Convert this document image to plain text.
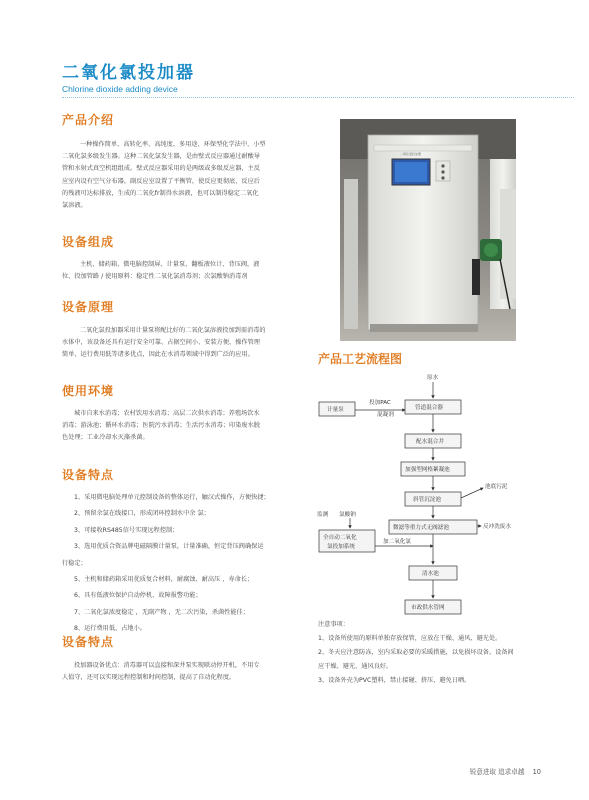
二氧化氯投加器
Chlorine dioxide adding device
产品介绍
一种操作简单、高转化率、高纯度、多用途、环保型化学法中、小型
二氧化氯多级发生器。这种二氧化氯发生器，是由壁式反应器通过耐酸导
管和水射式真空机组组成。壁式反应器采用的是两级或多级反应器，主反
应室内设有空气分布器，副反应室设置了平衡管，使反应更彻底，反应后
的残液可达标排放，生成的二氧化fr制得水溶液，也可以制得稳定二氧化
氯溶液。
设备组成
主机、储药箱、微电脑控制屏、计量泵、翻板液位计、背压阀，液
位、投加管路 / 使用原料：稳定性二氧化氯消毒剂；次氯酸钠消毒剂
设备原理
二氧化氯投加器采用计量泵将配比好的二氧化氯溶液投加到需消毒的
水体中，该设备还具有运行安全可靠、占据空间小、安装方便、操作管理
简单、运行费用低等诸多优点，因此在水消毒领域中得到广泛的应用。
使用环境
城市自来水消毒；农村饮用水消毒；高层二次供水消毒；养殖场饮水
消毒；游泳池；循环水消毒；医院污水消毒；生活污水消毒；印染废水脱
色处理；工业冷却水灭藻杀菌。
设备特点
1、采用微电脑处理单元控制设备的整体运行，触汉式操作，方便快捷；
2、预留余氯在线接口，形成闭环控制水中余 氯；
3、可接收RS485信号实现远程控制；
3、选用优质合资品牌电磁隔膜计量泵，计量准确，恒定背压阀确保运
行稳定；
5、主机和储药箱采用优质复合材料，耐腐蚀、耐高压 ，寿命长；
6、具有低液位保护自动停机、故障报警功能；
7、二氧化氯浓度稳定 ，无副产物 ，无二次污染，杀菌性能佳；
8、运行费用低，占地小。
设备特点
投加器设备优点：消毒器可以直接和深井泵实现联动停开机，不用专
人值守，还可以实现远程控制和时间控制，提高了自动化程度。
二氧化氯投加器
产品工艺流程图
原水
管道混合器
计量泵
投加PAC
混凝剂
配水混合井
加强型网格絮凝池
斜管沉淀池
池底污泥
微滤等重力式无阀滤池	反冲洗废水
监测 氯酸钠
全自动二氧化
氯投加系统
加二氧化氯
清水池
市政供水管网

注意事项：

1、设备所使用的原料单独存放保管，应放在干燥、通风、避光处。

2、冬天应注意防冻，室内采取必要的采暖措施，以免损坏设备。设备间

应干燥、避光、通风良好。

3、设备外壳为PVC塑料，禁止接碰、挤压，避免日晒。

锐意进取 追求卓越 10
